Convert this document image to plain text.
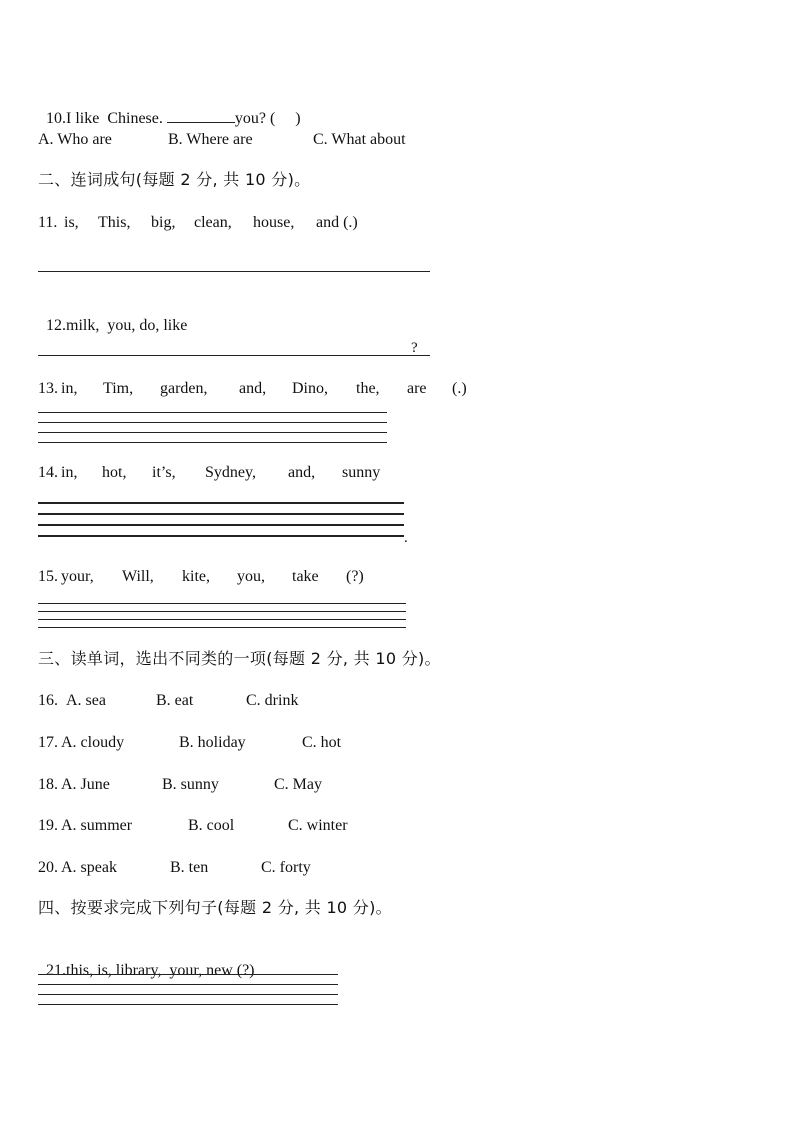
10.I like  Chinese.	you? (     )

A. Who are	B. Where are	C. What about
二、连词成句(每题 2 分, 共 10 分)。
11. is, This, big, clean, house, and (.)

12.milk,  you, do, like

?
13. in, Tim, garden, and, Dino, the, are (.)
14. in, hot, it’s, Sydney, and, sunny
.
15. your, Will, kite, you, take (?)
三、读单词，选出不同类的一项(每题 2 分, 共 10 分)。
16. A. sea	B. eat	C. drink
17. A. cloudy	B. holiday	C. hot
18. A. June	B. sunny	C. May
19. A. summer	B. cool	C. winter
20. A. speak	B. ten	C. forty
四、按要求完成下列句子(每题 2 分, 共 10 分)。

21.this, is, library,  your, new (?)
